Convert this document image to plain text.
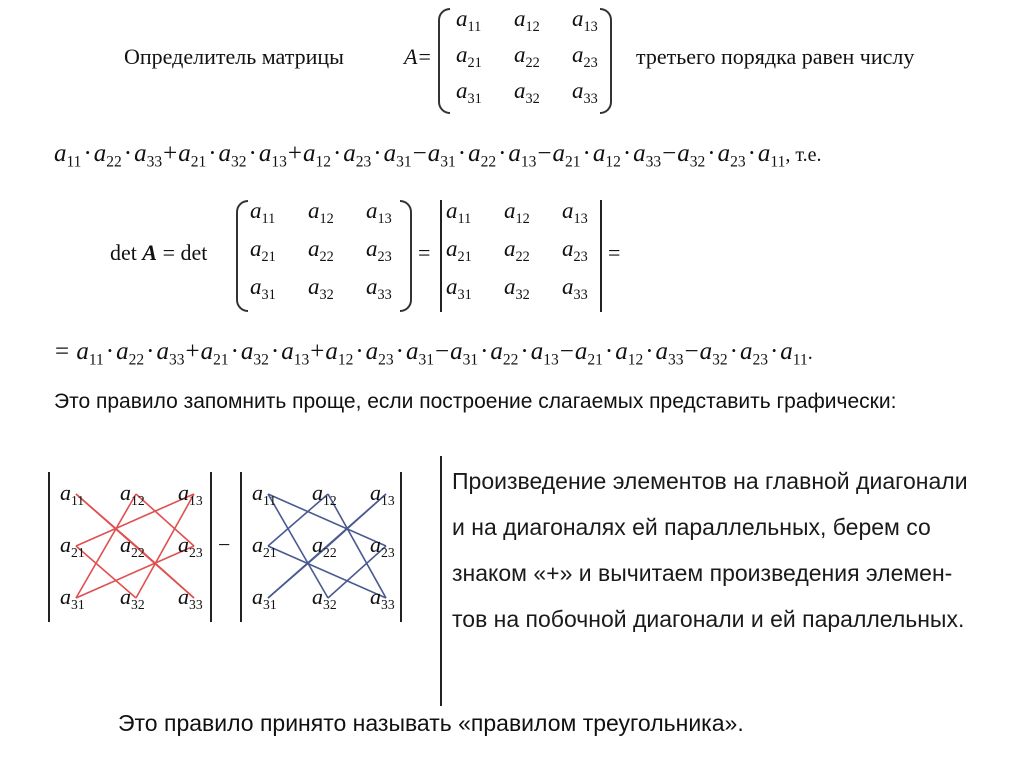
Определитель матрицы	A=
$a_{11}$	$a_{12}$	$a_{13}$
$a_{21}$	$a_{22}$	$a_{23}$
$a_{31}$	$a_{32}$	$a_{33}$
третьего порядка равен числу
$a_{11}\cdot a_{22}\cdot a_{33}+a_{21}\cdot a_{32}\cdot a_{13}+a_{12}\cdot a_{23}\cdot a_{31}-a_{31}\cdot a_{22}\cdot a_{13}-a_{21}\cdot a_{12}\cdot a_{33}-a_{32}\cdot a_{23}\cdot a_{11}$, т.е.
det A = det
$a_{11}$	$a_{12}$	$a_{13}$
$a_{21}$	$a_{22}$	$a_{23}$
$a_{31}$	$a_{32}$	$a_{33}$
=
$a_{11}$	$a_{12}$	$a_{13}$
$a_{21}$	$a_{22}$	$a_{23}$
$a_{31}$	$a_{32}$	$a_{33}$
=
= $a_{11}\cdot a_{22}\cdot a_{33}+a_{21}\cdot a_{32}\cdot a_{13}+a_{12}\cdot a_{23}\cdot a_{31}-a_{31}\cdot a_{22}\cdot a_{13}-a_{21}\cdot a_{12}\cdot a_{33}-a_{32}\cdot a_{23}\cdot a_{11}$.
Это правило запомнить проще, если построение слагаемых представить графически:
−
$a_{11}$ $a_{12}$ $a_{13}$
$a_{21}$ $a_{22}$ $a_{23}$
$a_{31}$ $a_{32}$ $a_{33}$
$a_{11}$ $a_{12}$ $a_{13}$
$a_{21}$ $a_{22}$ $a_{23}$
$a_{31}$ $a_{32}$ $a_{33}$
Произведение элементов на главной диагонали
и на диагоналях ей параллельных, берем со
знаком «+» и вычитаем произведения элемен-
тов на побочной диагонали и ей параллельных.
Это правило принято называть «правилом треугольника».
